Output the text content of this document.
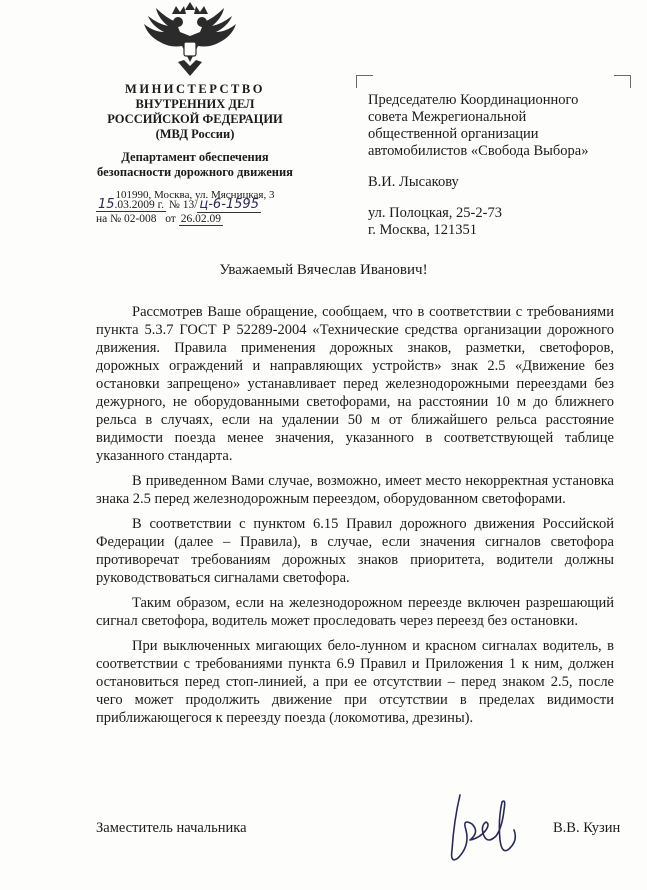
МИНИСТЕРСТВО
ВНУТРЕННИХ ДЕЛ
РОССИЙСКОЙ ФЕДЕРАЦИИ
(МВД России)
Департамент обеспечения
безопасности дорожного движения
101990, Москва, ул. Мясницкая, 3
15.03.2009 г. № 13/ ц-6-1595
на № 02-008 от 26.02.09
Председателю Координационного
совета Межрегиональной
общественной организации
автомобилистов «Свобода Выбора»
В.И. Лысакову
ул. Полоцкая, 25-2-73
г. Москва, 121351
Уважаемый Вячеслав Иванович!

Рассмотрев Ваше обращение, сообщаем, что в соответствии с требованиями пункта 5.3.7 ГОСТ Р 52289-2004 «Технические средства организации дорожного движения. Правила применения дорожных знаков, разметки, светофоров, дорожных ограждений и направляющих устройств» знак 2.5 «Движение без остановки запрещено» устанавливает перед железнодорожными переездами без дежурного, не оборудованными светофорами, на расстоянии 10 м до ближнего рельса в случаях, если на удалении 50 м от ближайшего рельса расстояние видимости поезда менее значения, указанного в соответствующей таблице указанного стандарта.

В приведенном Вами случае, возможно, имеет место некорректная установка знака 2.5 перед железнодорожным переездом, оборудованном светофорами.

В соответствии с пунктом 6.15 Правил дорожного движения Российской Федерации (далее – Правила), в случае, если значения сигналов светофора противоречат требованиям дорожных знаков приоритета, водители должны руководствоваться сигналами светофора.

Таким образом, если на железнодорожном переезде включен разрешающий сигнал светофора, водитель может проследовать через переезд без остановки.

При выключенных мигающих бело-лунном и красном сигналах водитель, в соответствии с требованиями пункта 6.9 Правил и Приложения 1 к ним, должен остановиться перед стоп-линией, а при ее отсутствии – перед знаком 2.5, после чего может продолжить движение при отсутствии в пределах видимости приближающегося к переезду поезда (локомотива, дрезины).

Заместитель начальника	В.В. Кузин
